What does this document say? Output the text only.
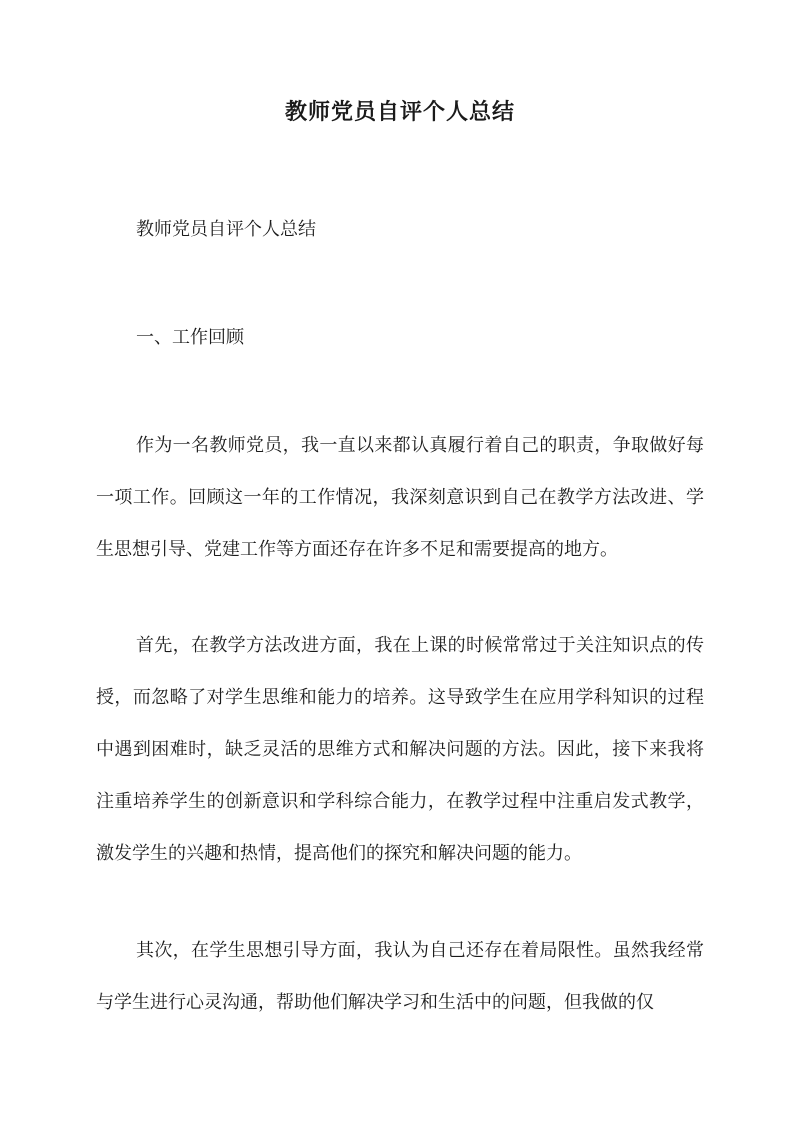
教师党员自评个人总结

教师党员自评个人总结

一、工作回顾

作为一名教师党员，我一直以来都认真履行着自己的职责，争取做好每一项工作。回顾这一年的工作情况，我深刻意识到自己在教学方法改进、学生思想引导、党建工作等方面还存在许多不足和需要提高的地方。

首先，在教学方法改进方面，我在上课的时候常常过于关注知识点的传授，而忽略了对学生思维和能力的培养。这导致学生在应用学科知识的过程中遇到困难时，缺乏灵活的思维方式和解决问题的方法。因此，接下来我将注重培养学生的创新意识和学科综合能力，在教学过程中注重启发式教学，激发学生的兴趣和热情，提高他们的探究和解决问题的能力。

其次，在学生思想引导方面，我认为自己还存在着局限性。虽然我经常与学生进行心灵沟通，帮助他们解决学习和生活中的问题，但我做的仅
